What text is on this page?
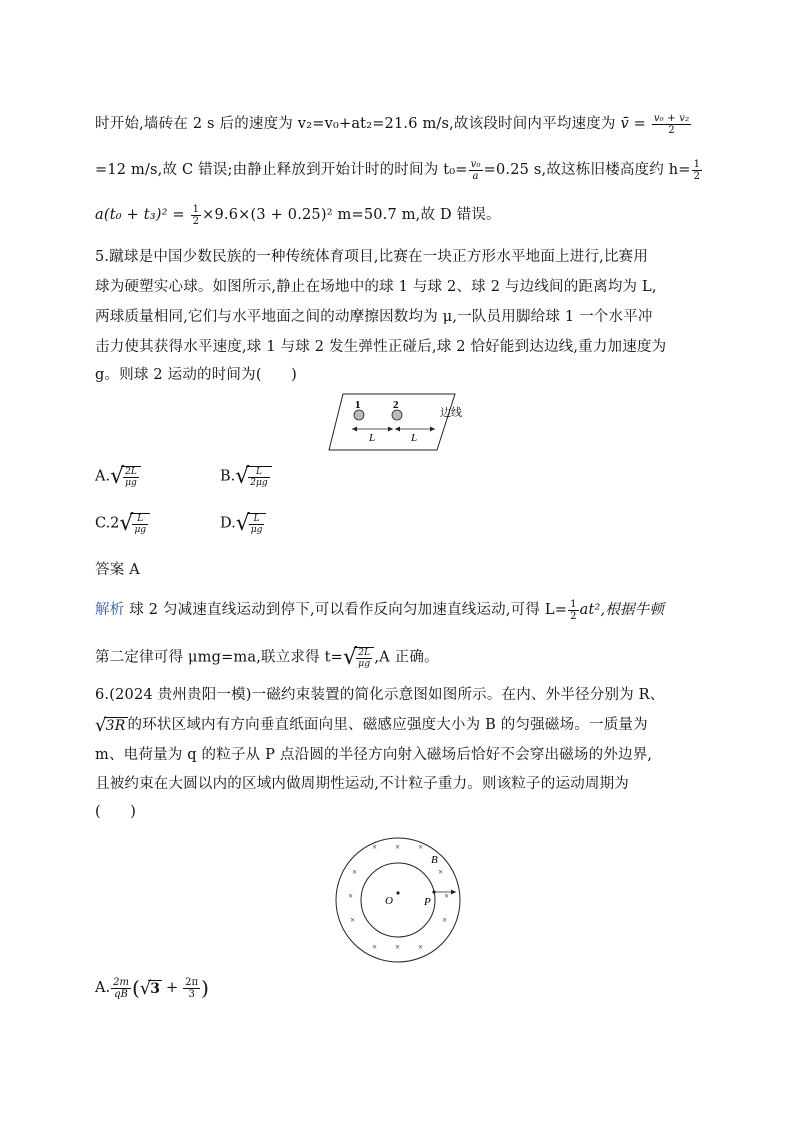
时开始,墙砖在 2 s 后的速度为 v₂=v₀+at₂=21.6 m/s,故该段时间内平均速度为 v̄ = $\frac{\text{v₀ + v₂}}{2}$
=12 m/s,故 C 错误;由静止释放到开始计时的时间为 $t_0= \frac{\text{v₀}}{a} =0.25$ s,故这栋旧楼高度约 $h= \frac{1}{2}$
$a(t_0 + t_3)^2 = \frac{1}{2} \times 9.6\times(3 + 0.25)^2$ m=50.7 m,故 D 错误。
5.蹴球是中国少数民族的一种传统体育项目,比赛在一块正方形水平地面上进行,比赛用
球为硬塑实心球。如图所示,静止在场地中的球 1 与球 2、球 2 与边线间的距离均为 L,
两球质量相同,它们与水平地面之间的动摩擦因数均为 μ,一队员用脚给球 1 一个水平冲
击力使其获得水平速度,球 1 与球 2 发生弹性正碰后,球 2 恰好能到达边线,重力加速度为
g。则球 2 运动的时间为(　　)
1	2
L	L
边线
$A.√ \frac{2L}{\mu g}$	$B.√ \frac{L}{2\mu g}$
$C.2√ \frac{L}{\mu g}$	$D.√ \frac{L}{\mu g}$
答案 A
解析 球 2 匀减速直线运动到停下,可以看作反向匀加速直线运动,可得 $L= \frac{1}{2} at^2$,根据牛顿
第二定律可得 μmg=ma,联立求得 $t=√ \frac{2L}{\mu g} ,A$ 正确。
6.(2024 贵州贵阳一模)一磁约束装置的简化示意图如图所示。在内、外半径分别为 R、
√3R 的环状区域内有方向垂直纸面向里、磁感应强度大小为 B 的匀强磁场。一质量为
m、电荷量为 q 的粒子从 P 点沿圆的半径方向射入磁场后恰好不会穿出磁场的外边界,
且被约束在大圆以内的区域内做周期性运动,不计粒子重力。则该粒子的运动周期为
(　　)
O	P
B
× × ×
×	×
×	×
×	×
× × ×
A. $\frac{2m}{qB} (√3 + \frac{2\pi}{3}$ )
